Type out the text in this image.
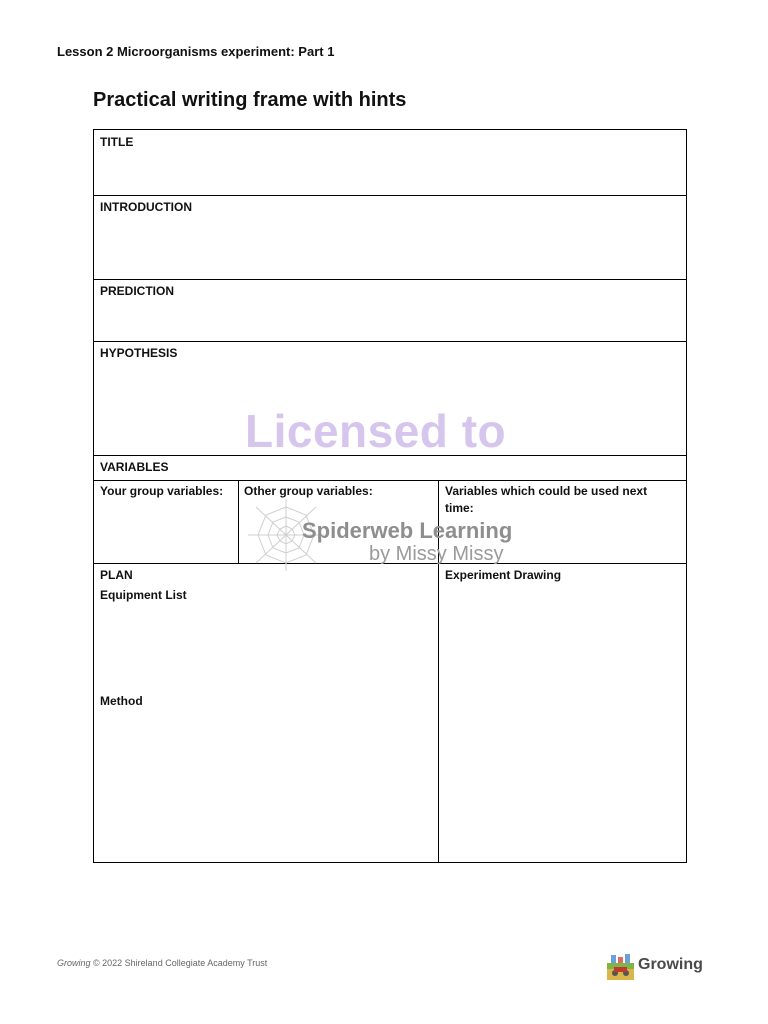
Lesson 2 Microorganisms experiment: Part 1
Practical writing frame with hints
TITLE
INTRODUCTION
PREDICTION
HYPOTHESIS
VARIABLES
Your group variables: Other group variables:	Variables which could be used next time:
PLAN
Equipment List
Method
Experiment Drawing
Licensed to
Spiderweb Learning
by Missy Missy
Growing © 2022 Shireland Collegiate Academy Trust	Growing
